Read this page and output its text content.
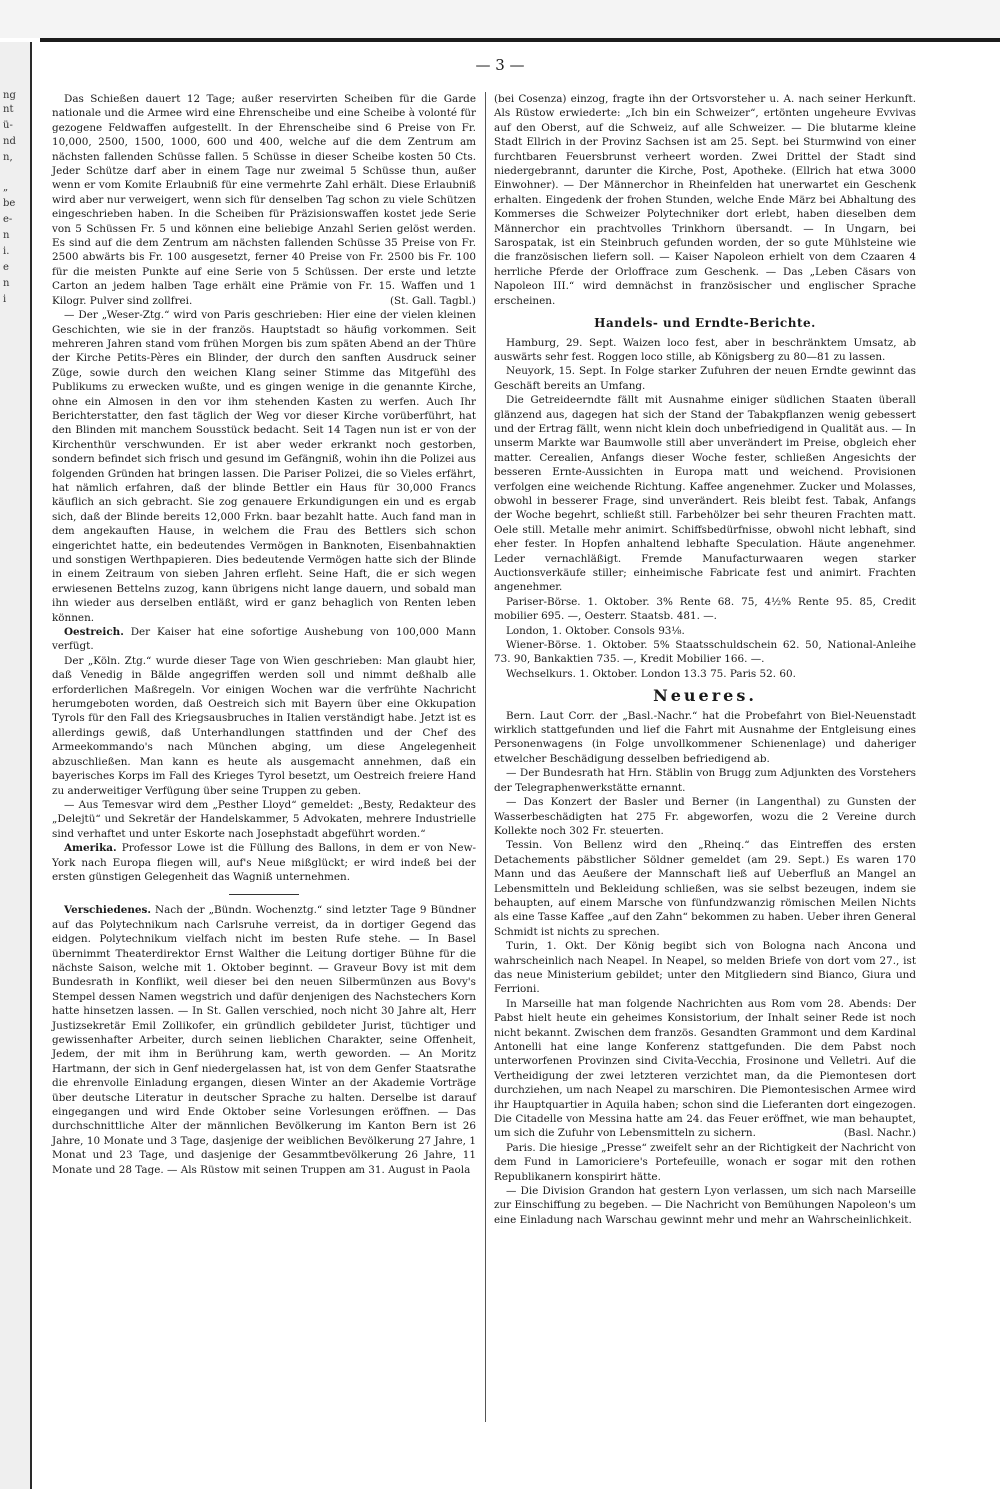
ng
nt
ü-
nd
n,
„
be
e-
n
i.
e
n
i
— 3 —

Das Schießen dauert 12 Tage; außer reservirten Scheiben für die Garde nationale und die Armee wird eine Ehrenscheibe und eine Scheibe à volonté für gezogene Feldwaffen aufgestellt. In der Ehrenscheibe sind 6 Preise von Fr. 10,000, 2500, 1500, 1000, 600 und 400, welche auf die dem Zentrum am nächsten fallenden Schüsse fallen. 5 Schüsse in dieser Scheibe kosten 50 Cts. Jeder Schütze darf aber in einem Tage nur zweimal 5 Schüsse thun, außer wenn er vom Komite Erlaubniß für eine vermehrte Zahl erhält. Diese Erlaubniß wird aber nur verweigert, wenn sich für denselben Tag schon zu viele Schützen eingeschrieben haben. In die Scheiben für Präzisionswaffen kostet jede Serie von 5 Schüssen Fr. 5 und können eine beliebige Anzahl Serien gelöst werden. Es sind auf die dem Zentrum am nächsten fallenden Schüsse 35 Preise von Fr. 2500 abwärts bis Fr. 100 ausgesetzt, ferner 40 Preise von Fr. 2500 bis Fr. 100 für die meisten Punkte auf eine Serie von 5 Schüssen. Der erste und letzte Carton an jedem halben Tage erhält eine Prämie von Fr. 15. Waffen und 1 Kilogr. Pulver sind zollfrei.	(St. Gall. Tagbl.)

— Der „Weser-Ztg.“ wird von Paris geschrieben: Hier eine der vielen kleinen Geschichten, wie sie in der französ. Hauptstadt so häufig vorkommen. Seit mehreren Jahren stand vom frühen Morgen bis zum späten Abend an der Thüre der Kirche Petits-Pères ein Blinder, der durch den sanften Ausdruck seiner Züge, sowie durch den weichen Klang seiner Stimme das Mitgefühl des Publikums zu erwecken wußte, und es gingen wenige in die genannte Kirche, ohne ein Almosen in den vor ihm stehenden Kasten zu werfen. Auch Ihr Berichterstatter, den fast täglich der Weg vor dieser Kirche vorüberführt, hat den Blinden mit manchem Sousstück bedacht. Seit 14 Tagen nun ist er von der Kirchenthür verschwunden. Er ist aber weder erkrankt noch gestorben, sondern befindet sich frisch und gesund im Gefängniß, wohin ihn die Polizei aus folgenden Gründen hat bringen lassen. Die Pariser Polizei, die so Vieles erfährt, hat nämlich erfahren, daß der blinde Bettler ein Haus für 30,000 Francs käuflich an sich gebracht. Sie zog genauere Erkundigungen ein und es ergab sich, daß der Blinde bereits 12,000 Frkn. baar bezahlt hatte. Auch fand man in dem angekauften Hause, in welchem die Frau des Bettlers sich schon eingerichtet hatte, ein bedeutendes Vermögen in Banknoten, Eisenbahnaktien und sonstigen Werthpapieren. Dies bedeutende Vermögen hatte sich der Blinde in einem Zeitraum von sieben Jahren erfleht. Seine Haft, die er sich wegen erwiesenen Bettelns zuzog, kann übrigens nicht lange dauern, und sobald man ihn wieder aus derselben entläßt, wird er ganz behaglich von Renten leben können.

Oestreich. Der Kaiser hat eine sofortige Aushebung von 100,000 Mann verfügt.

Der „Köln. Ztg.“ wurde dieser Tage von Wien geschrieben: Man glaubt hier, daß Venedig in Bälde angegriffen werden soll und nimmt deßhalb alle erforderlichen Maßregeln. Vor einigen Wochen war die verfrühte Nachricht herumgeboten worden, daß Oestreich sich mit Bayern über eine Okkupation Tyrols für den Fall des Kriegsausbruches in Italien verständigt habe. Jetzt ist es allerdings gewiß, daß Unterhandlungen stattfinden und der Chef des Armeekommando's nach München abging, um diese Angelegenheit abzuschließen. Man kann es heute als ausgemacht annehmen, daß ein bayerisches Korps im Fall des Krieges Tyrol besetzt, um Oestreich freiere Hand zu anderweitiger Verfügung über seine Truppen zu geben.

— Aus Temesvar wird dem „Pesther Lloyd“ gemeldet: „Besty, Redakteur des „Delejtü“ und Sekretär der Handelskammer, 5 Advokaten, mehrere Industrielle sind verhaftet und unter Eskorte nach Josephstadt abgeführt worden.“

Amerika. Professor Lowe ist die Füllung des Ballons, in dem er von New-York nach Europa fliegen will, auf's Neue mißglückt; er wird indeß bei der ersten günstigen Gelegenheit das Wagniß unternehmen.

Verschiedenes. Nach der „Bündn. Wochenztg.“ sind letzter Tage 9 Bündner auf das Polytechnikum nach Carlsruhe verreist, da in dortiger Gegend das eidgen. Polytechnikum vielfach nicht im besten Rufe stehe. — In Basel übernimmt Theaterdirektor Ernst Walther die Leitung dortiger Bühne für die nächste Saison, welche mit 1. Oktober beginnt. — Graveur Bovy ist mit dem Bundesrath in Konflikt, weil dieser bei den neuen Silbermünzen aus Bovy's Stempel dessen Namen wegstrich und dafür denjenigen des Nachstechers Korn hatte hinsetzen lassen. — In St. Gallen verschied, noch nicht 30 Jahre alt, Herr Justizsekretär Emil Zollikofer, ein gründlich gebildeter Jurist, tüchtiger und gewissenhafter Arbeiter, durch seinen lieblichen Charakter, seine Offenheit, Jedem, der mit ihm in Berührung kam, werth geworden. — An Moritz Hartmann, der sich in Genf niedergelassen hat, ist von dem Genfer Staatsrathe die ehrenvolle Einladung ergangen, diesen Winter an der Akademie Vorträge über deutsche Literatur in deutscher Sprache zu halten. Derselbe ist darauf eingegangen und wird Ende Oktober seine Vorlesungen eröffnen. — Das durchschnittliche Alter der männlichen Bevölkerung im Kanton Bern ist 26 Jahre, 10 Monate und 3 Tage, dasjenige der weiblichen Bevölkerung 27 Jahre, 1 Monat und 23 Tage, und dasjenige der Gesammtbevölkerung 26 Jahre, 11 Monate und 28 Tage. — Als Rüstow mit seinen Truppen am 31. August in Paola

(bei Cosenza) einzog, fragte ihn der Ortsvorsteher u. A. nach seiner Herkunft. Als Rüstow erwiederte: „Ich bin ein Schweizer“, ertönten ungeheure Evvivas auf den Oberst, auf die Schweiz, auf alle Schweizer. — Die blutarme kleine Stadt Ellrich in der Provinz Sachsen ist am 25. Sept. bei Sturmwind von einer furchtbaren Feuersbrunst verheert worden. Zwei Drittel der Stadt sind niedergebrannt, darunter die Kirche, Post, Apotheke. (Ellrich hat etwa 3000 Einwohner). — Der Männerchor in Rheinfelden hat unerwartet ein Geschenk erhalten. Eingedenk der frohen Stunden, welche Ende März bei Abhaltung des Kommerses die Schweizer Polytechniker dort erlebt, haben dieselben dem Männerchor ein prachtvolles Trinkhorn übersandt. — In Ungarn, bei Sarospatak, ist ein Steinbruch gefunden worden, der so gute Mühlsteine wie die französischen liefern soll. — Kaiser Napoleon erhielt von dem Czaaren 4 herrliche Pferde der Orloffrace zum Geschenk. — Das „Leben Cäsars von Napoleon III.“ wird demnächst in französischer und englischer Sprache erscheinen.

Handels- und Erndte-Berichte.

Hamburg, 29. Sept. Waizen loco fest, aber in beschränktem Umsatz, ab auswärts sehr fest. Roggen loco stille, ab Königsberg zu 80—81 zu lassen.

Neuyork, 15. Sept. In Folge starker Zufuhren der neuen Erndte gewinnt das Geschäft bereits an Umfang.

Die Getreideerndte fällt mit Ausnahme einiger südlichen Staaten überall glänzend aus, dagegen hat sich der Stand der Tabakpflanzen wenig gebessert und der Ertrag fällt, wenn nicht klein doch unbefriedigend in Qualität aus. — In unserm Markte war Baumwolle still aber unverändert im Preise, obgleich eher matter. Cerealien, Anfangs dieser Woche fester, schließen Angesichts der besseren Ernte-Aussichten in Europa matt und weichend. Provisionen verfolgen eine weichende Richtung. Kaffee angenehmer. Zucker und Molasses, obwohl in besserer Frage, sind unverändert. Reis bleibt fest. Tabak, Anfangs der Woche begehrt, schließt still. Farbehölzer bei sehr theuren Frachten matt. Oele still. Metalle mehr animirt. Schiffsbedürfnisse, obwohl nicht lebhaft, sind eher fester. In Hopfen anhaltend lebhafte Speculation. Häute angenehmer. Leder vernachläßigt. Fremde Manufacturwaaren wegen starker Auctionsverkäufe stiller; einheimische Fabricate fest und animirt. Frachten angenehmer.

Pariser-Börse. 1. Oktober. 3% Rente 68. 75, 4½% Rente 95. 85, Credit mobilier 695. —, Oesterr. Staatsb. 481. —.

London, 1. Oktober. Consols 93⅛.

Wiener-Börse. 1. Oktober. 5% Staatsschuldschein 62. 50, National-Anleihe 73. 90, Bankaktien 735. —, Kredit Mobilier 166. —.

Wechselkurs. 1. Oktober. London 13.3 75. Paris 52. 60.

Neueres.

Bern. Laut Corr. der „Basl.-Nachr.“ hat die Probefahrt von Biel-Neuenstadt wirklich stattgefunden und lief die Fahrt mit Ausnahme der Entgleisung eines Personenwagens (in Folge unvollkommener Schienenlage) und daheriger etwelcher Beschädigung desselben befriedigend ab.

— Der Bundesrath hat Hrn. Stäblin von Brugg zum Adjunkten des Vorstehers der Telegraphenwerkstätte ernannt.

— Das Konzert der Basler und Berner (in Langenthal) zu Gunsten der Wasserbeschädigten hat 275 Fr. abgeworfen, wozu die 2 Vereine durch Kollekte noch 302 Fr. steuerten.

Tessin. Von Bellenz wird den „Rheinq.“ das Eintreffen des ersten Detachements päbstlicher Söldner gemeldet (am 29. Sept.) Es waren 170 Mann und das Aeußere der Mannschaft ließ auf Ueberfluß an Mangel an Lebensmitteln und Bekleidung schließen, was sie selbst bezeugen, indem sie behaupten, auf einem Marsche von fünfundzwanzig römischen Meilen Nichts als eine Tasse Kaffee „auf den Zahn“ bekommen zu haben. Ueber ihren General Schmidt ist nichts zu sprechen.

Turin, 1. Okt. Der König begibt sich von Bologna nach Ancona und wahrscheinlich nach Neapel. In Neapel, so melden Briefe von dort vom 27., ist das neue Ministerium gebildet; unter den Mitgliedern sind Bianco, Giura und Ferrioni.

In Marseille hat man folgende Nachrichten aus Rom vom 28. Abends: Der Pabst hielt heute ein geheimes Konsistorium, der Inhalt seiner Rede ist noch nicht bekannt. Zwischen dem französ. Gesandten Grammont und dem Kardinal Antonelli hat eine lange Konferenz stattgefunden. Die dem Pabst noch unterworfenen Provinzen sind Civita-Vecchia, Frosinone und Velletri. Auf die Vertheidigung der zwei letzteren verzichtet man, da die Piemontesen dort durchziehen, um nach Neapel zu marschiren. Die Piemontesischen Armee wird ihr Hauptquartier in Aquila haben; schon sind die Lieferanten dort eingezogen. Die Citadelle von Messina hatte am 24. das Feuer eröffnet, wie man behauptet, um sich die Zufuhr von Lebensmitteln zu sichern.	(Basl. Nachr.)

Paris. Die hiesige „Presse“ zweifelt sehr an der Richtigkeit der Nachricht von dem Fund in Lamoriciere's Portefeuille, wonach er sogar mit den rothen Republikanern konspirirt hätte.

— Die Division Grandon hat gestern Lyon verlassen, um sich nach Marseille zur Einschiffung zu begeben. — Die Nachricht von Bemühungen Napoleon's um eine Einladung nach Warschau gewinnt mehr und mehr an Wahrscheinlichkeit.
